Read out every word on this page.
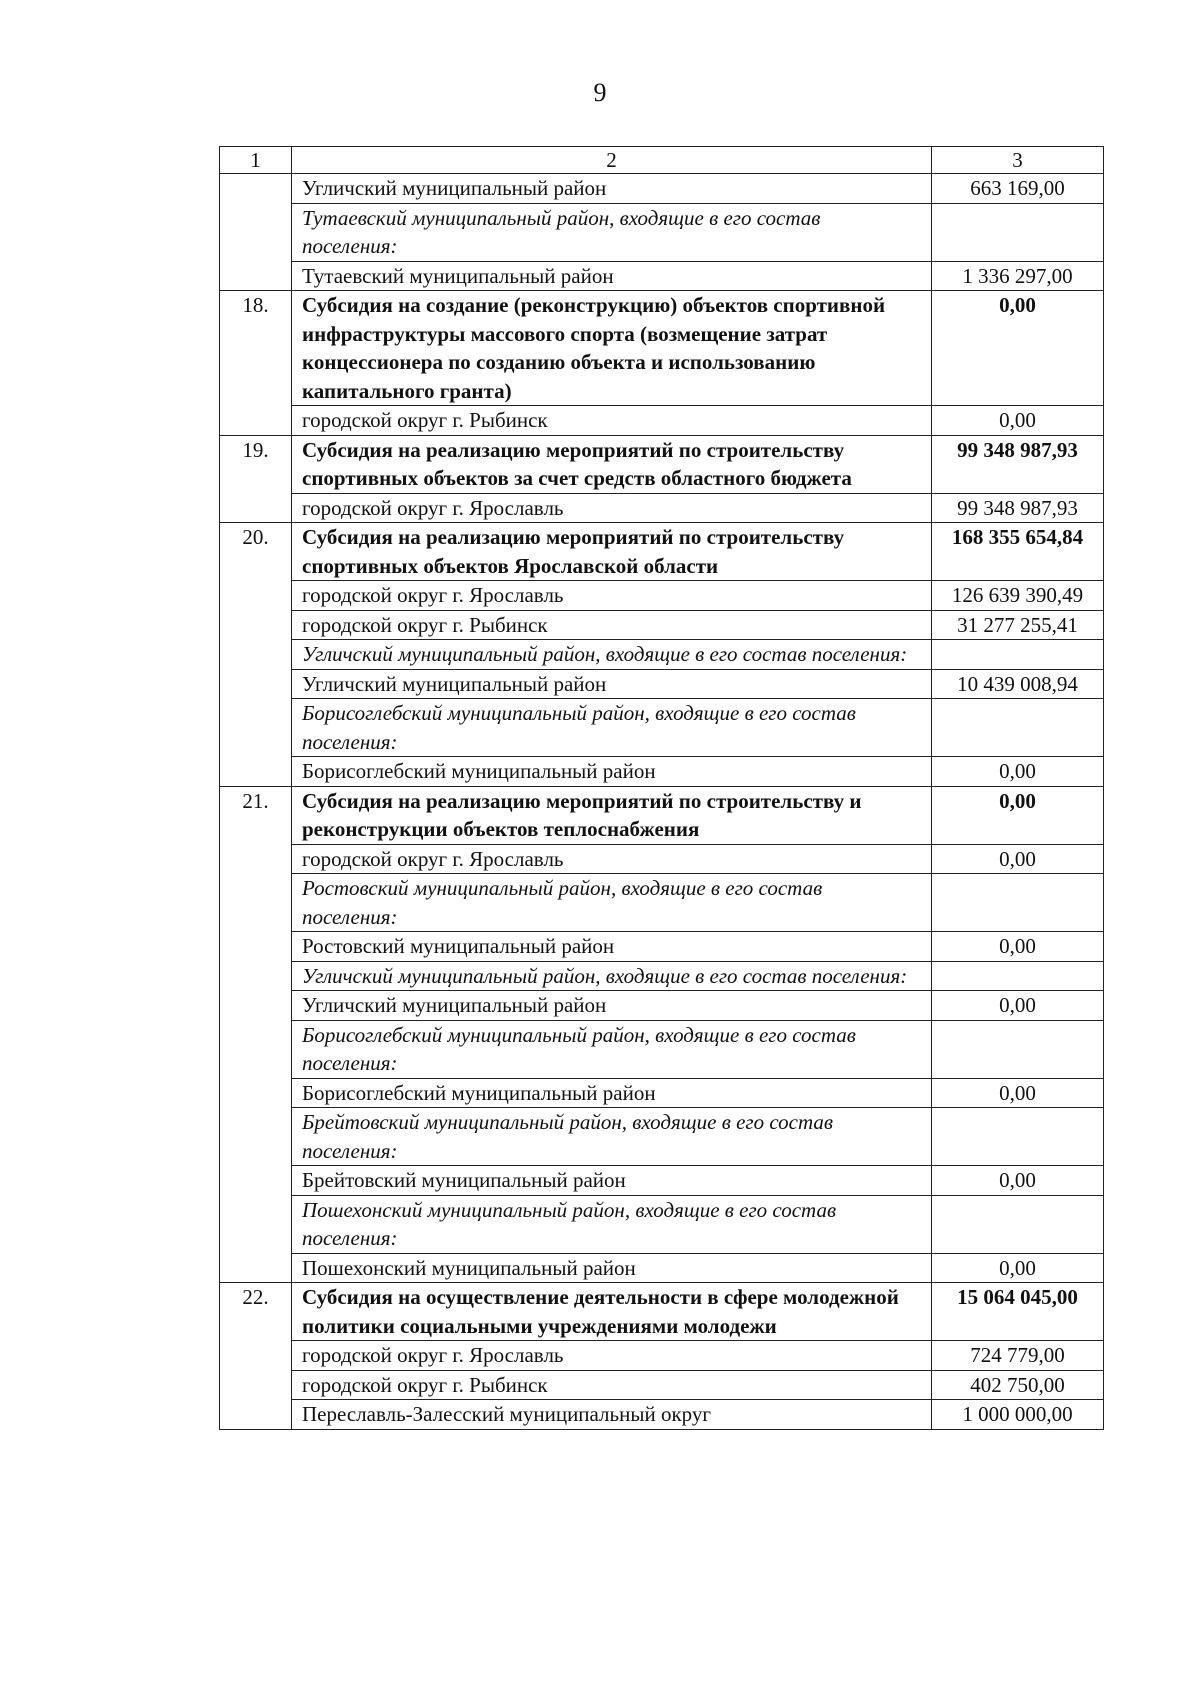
9
1	2	3
	Угличский муниципальный район	663 169,00
	Тутаевский муниципальный район, входящие в его состав поселения:	
	Тутаевский муниципальный район	1 336 297,00
18.	Субсидия на создание (реконструкцию) объектов спортивной инфраструктуры массового спорта (возмещение затрат концессионера по созданию объекта и использованию капитального гранта)	0,00
	городской округ г. Рыбинск	0,00
19.	Субсидия на реализацию мероприятий по строительству спортивных объектов за счет средств областного бюджета	99 348 987,93
	городской округ г. Ярославль	99 348 987,93
20.	Субсидия на реализацию мероприятий по строительству спортивных объектов Ярославской области	168 355 654,84
	городской округ г. Ярославль	126 639 390,49
	городской округ г. Рыбинск	31 277 255,41
	Угличский муниципальный район, входящие в его состав поселения:	
	Угличский муниципальный район	10 439 008,94
	Борисоглебский муниципальный район, входящие в его состав поселения:	
	Борисоглебский муниципальный район	0,00
21.	Субсидия на реализацию мероприятий по строительству и реконструкции объектов теплоснабжения	0,00
	городской округ г. Ярославль	0,00
	Ростовский муниципальный район, входящие в его состав поселения:	
	Ростовский муниципальный район	0,00
	Угличский муниципальный район, входящие в его состав поселения:	
	Угличский муниципальный район	0,00
	Борисоглебский муниципальный район, входящие в его состав поселения:	
	Борисоглебский муниципальный район	0,00
	Брейтовский муниципальный район, входящие в его состав поселения:	
	Брейтовский муниципальный район	0,00
	Пошехонский муниципальный район, входящие в его состав поселения:	
	Пошехонский муниципальный район	0,00
22.	Субсидия на осуществление деятельности в сфере молодежной политики социальными учреждениями молодежи	15 064 045,00
	городской округ г. Ярославль	724 779,00
	городской округ г. Рыбинск	402 750,00
	Переславль-Залесский муниципальный округ	1 000 000,00
